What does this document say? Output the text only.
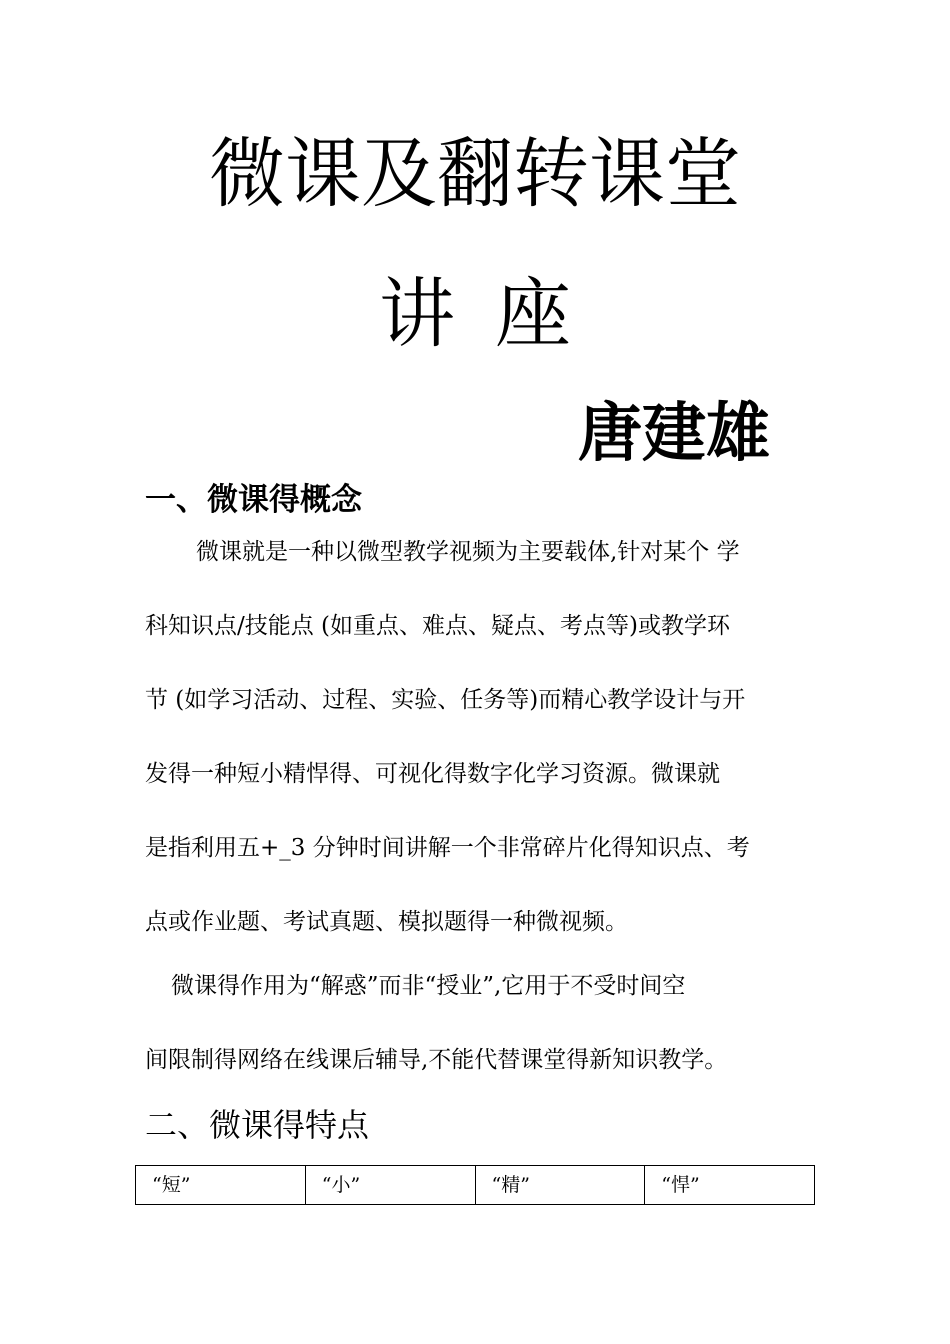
微课及翻转课堂
讲座
唐建雄
一、微课得概念
微课就是一种以微型教学视频为主要载体,针对某个 学
科知识点/技能点 (如重点、难点、疑点、考点等)或教学环
节 (如学习活动、过程、实验、任务等)而精心教学设计与开
发得一种短小精悍得、可视化得数字化学习资源。微课就
是指利用五+_3 分钟时间讲解一个非常碎片化得知识点、考
点或作业题、考试真题、模拟题得一种微视频。
微课得作用为“解惑”而非“授业”,它用于不受时间空
间限制得网络在线课后辅导,不能代替课堂得新知识教学。
二、微课得特点
“短”	“小”	“精”	“悍”
